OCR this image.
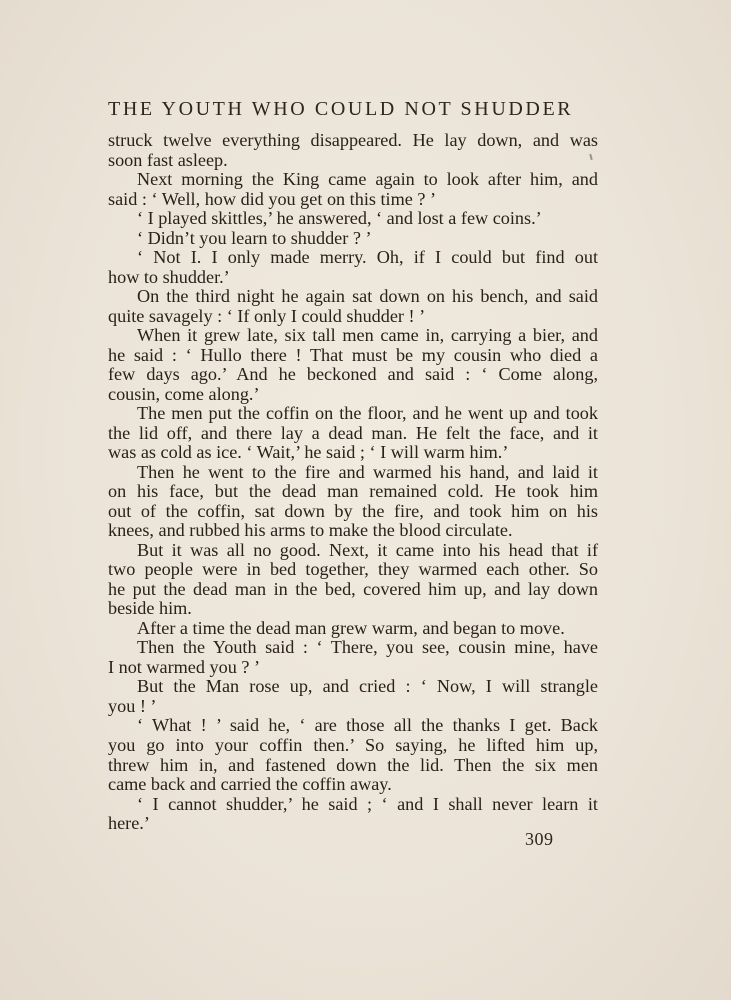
THE YOUTH WHO COULD NOT SHUDDER
struck twelve everything disappeared. He lay down, and was
soon fast asleep.
Next morning the King came again to look after him, and
said : ‘ Well, how did you get on this time ? ’
‘ I played skittles,’ he answered, ‘ and lost a few coins.’
‘ Didn’t you learn to shudder ? ’
‘ Not I. I only made merry. Oh, if I could but find out
how to shudder.’
On the third night he again sat down on his bench, and said
quite savagely : ‘ If only I could shudder ! ’
When it grew late, six tall men came in, carrying a bier, and
he said : ‘ Hullo there ! That must be my cousin who died a
few days ago.’ And he beckoned and said : ‘ Come along,
cousin, come along.’
The men put the coffin on the floor, and he went up and took
the lid off, and there lay a dead man. He felt the face, and it
was as cold as ice. ‘ Wait,’ he said ; ‘ I will warm him.’
Then he went to the fire and warmed his hand, and laid it
on his face, but the dead man remained cold. He took him
out of the coffin, sat down by the fire, and took him on his
knees, and rubbed his arms to make the blood circulate.
But it was all no good. Next, it came into his head that if
two people were in bed together, they warmed each other. So
he put the dead man in the bed, covered him up, and lay down
beside him.
After a time the dead man grew warm, and began to move.
Then the Youth said : ‘ There, you see, cousin mine, have
I not warmed you ? ’
But the Man rose up, and cried : ‘ Now, I will strangle
you ! ’
‘ What ! ’ said he, ‘ are those all the thanks I get. Back
you go into your coffin then.’ So saying, he lifted him up,
threw him in, and fastened down the lid. Then the six men
came back and carried the coffin away.
‘ I cannot shudder,’ he said ; ‘ and I shall never learn it
here.’
309
